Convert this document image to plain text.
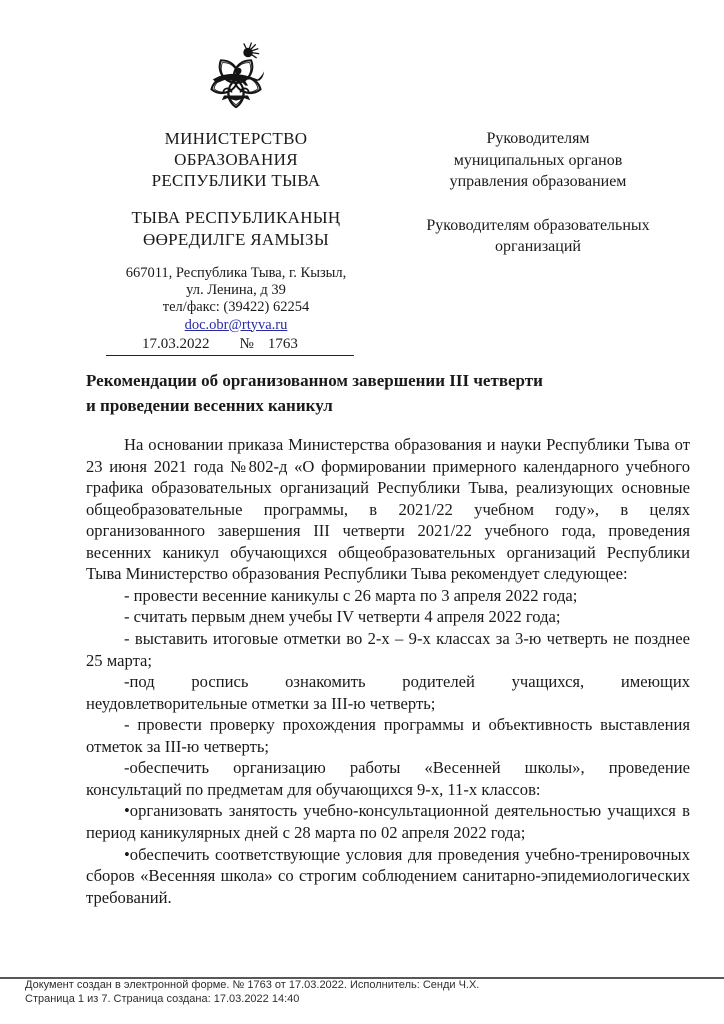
МИНИСТЕРСТВО
ОБРАЗОВАНИЯ
РЕСПУБЛИКИ ТЫВА
ТЫВА РЕСПУБЛИКАНЫҢ
ӨӨРЕДИЛГЕ ЯАМЫЗЫ
667011, Республика Тыва, г. Кызыл,
ул. Ленина, д 39
тел/факс: (39422) 62254
doc.obr@rtyva.ru
17.03.2022 № 1763
Руководителям
муниципальных органов
управления образованием
Руководителям образовательных
организаций
Рекомендации об организованном завершении III четверти
и проведении весенних каникул

На основании приказа Министерства образования и науки Республики Тыва от 23 июня 2021 года №802-д «О формировании примерного календарного учебного графика образовательных организаций Республики Тыва, реализующих основные общеобразовательные программы, в 2021/22 учебном году», в целях организованного завершения III четверти 2021/22 учебного года, проведения весенних каникул обучающихся общеобразовательных организаций Республики Тыва Министерство образования Республики Тыва рекомендует следующее:

- провести весенние каникулы с 26 марта по 3 апреля 2022 года;

- считать первым днем учебы IV четверти 4 апреля 2022 года;

- выставить итоговые отметки во 2-х – 9-х классах за 3-ю четверть не позднее 25 марта;

-под роспись ознакомить родителей учащихся, имеющих неудовлетворительные отметки за III-ю четверть;

- провести проверку прохождения программы и объективность выставления отметок за III-ю четверть;

-обеспечить организацию работы «Весенней школы», проведение консультаций по предметам для обучающихся 9-х, 11-х классов:

•организовать занятость учебно-консультационной деятельностью учащихся в период каникулярных дней с 28 марта по 02 апреля 2022 года;

•обеспечить соответствующие условия для проведения учебно-тренировочных сборов «Весенняя школа» со строгим соблюдением санитарно-эпидемиологических требований.

Документ создан в электронной форме. № 1763 от 17.03.2022. Исполнитель: Сенди Ч.Х.
Страница 1 из 7. Страница создана: 17.03.2022 14:40
